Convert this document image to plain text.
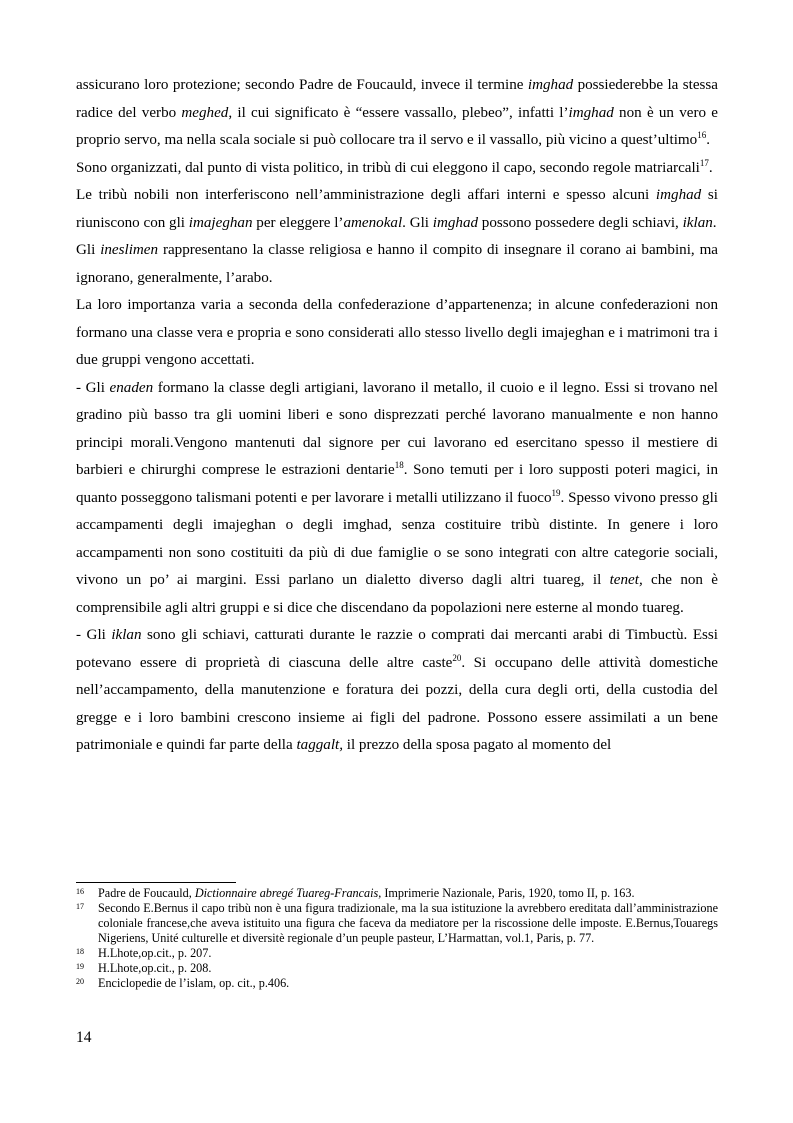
assicurano loro protezione; secondo Padre de Foucauld, invece il termine imghad possiederebbe la stessa radice del verbo meghed, il cui significato è “essere vassallo, plebeo”, infatti l’imghad non è un vero e proprio servo, ma nella scala sociale si può collocare tra il servo e il vassallo, più vicino a quest’ultimo$^{16}$.

Sono organizzati, dal punto di vista politico, in tribù di cui eleggono il capo, secondo regole matriarcali$^{17}$.

Le tribù nobili non interferiscono nell’amministrazione degli affari interni e spesso alcuni imghad si riuniscono con gli imajeghan per eleggere l’amenokal. Gli imghad possono possedere degli schiavi, iklan.

Gli ineslimen rappresentano la classe religiosa e hanno il compito di insegnare il corano ai bambini, ma ignorano, generalmente, l’arabo.

La loro importanza varia a seconda della confederazione d’appartenenza; in alcune confederazioni non formano una classe vera e propria e sono considerati allo stesso livello degli imajeghan e i matrimoni tra i due gruppi vengono accettati.

- Gli enaden formano la classe degli artigiani, lavorano il metallo, il cuoio e il legno. Essi si trovano nel gradino più basso tra gli uomini liberi e sono disprezzati perché lavorano manualmente e non hanno principi morali.Vengono mantenuti dal signore per cui lavorano ed esercitano spesso il mestiere di barbieri e chirurghi comprese le estrazioni dentarie$^{18}$. Sono temuti per i loro supposti poteri magici, in quanto posseggono talismani potenti e per lavorare i metalli utilizzano il fuoco$^{19}$. Spesso vivono presso gli accampamenti degli imajeghan o degli imghad, senza costituire tribù distinte. In genere i loro accampamenti non sono costituiti da più di due famiglie o se sono integrati con altre categorie sociali, vivono un po’ ai margini. Essi parlano un dialetto diverso dagli altri tuareg, il tenet, che non è comprensibile agli altri gruppi e si dice che discendano da popolazioni nere esterne al mondo tuareg.

- Gli iklan sono gli schiavi, catturati durante le razzie o comprati dai mercanti arabi di Timbuctù. Essi potevano essere di proprietà di ciascuna delle altre caste$^{20}$. Si occupano delle attività domestiche nell’accampamento, della manutenzione e foratura dei pozzi, della cura degli orti, della custodia del gregge e i loro bambini crescono insieme ai figli del padrone. Possono essere assimilati a un bene patrimoniale e quindi far parte della taggalt, il prezzo della sposa pagato al momento del

16 Padre de Foucauld, Dictionnaire abregé Tuareg-Francais, Imprimerie Nazionale, Paris, 1920, tomo II, p. 163.
17 Secondo E.Bernus il capo tribù non è una figura tradizionale, ma la sua istituzione la avrebbero ereditata dall’amministrazione coloniale francese,che aveva istituito una figura che faceva da mediatore per la riscossione delle imposte. E.Bernus,Touaregs Nigeriens, Unité culturelle et diversitè regionale d’un peuple pasteur, L’Harmattan, vol.1, Paris, p. 77.
18 H.Lhote,op.cit., p. 207.
19 H.Lhote,op.cit., p. 208.
20 Enciclopedie de l’islam, op. cit., p.406.
14
